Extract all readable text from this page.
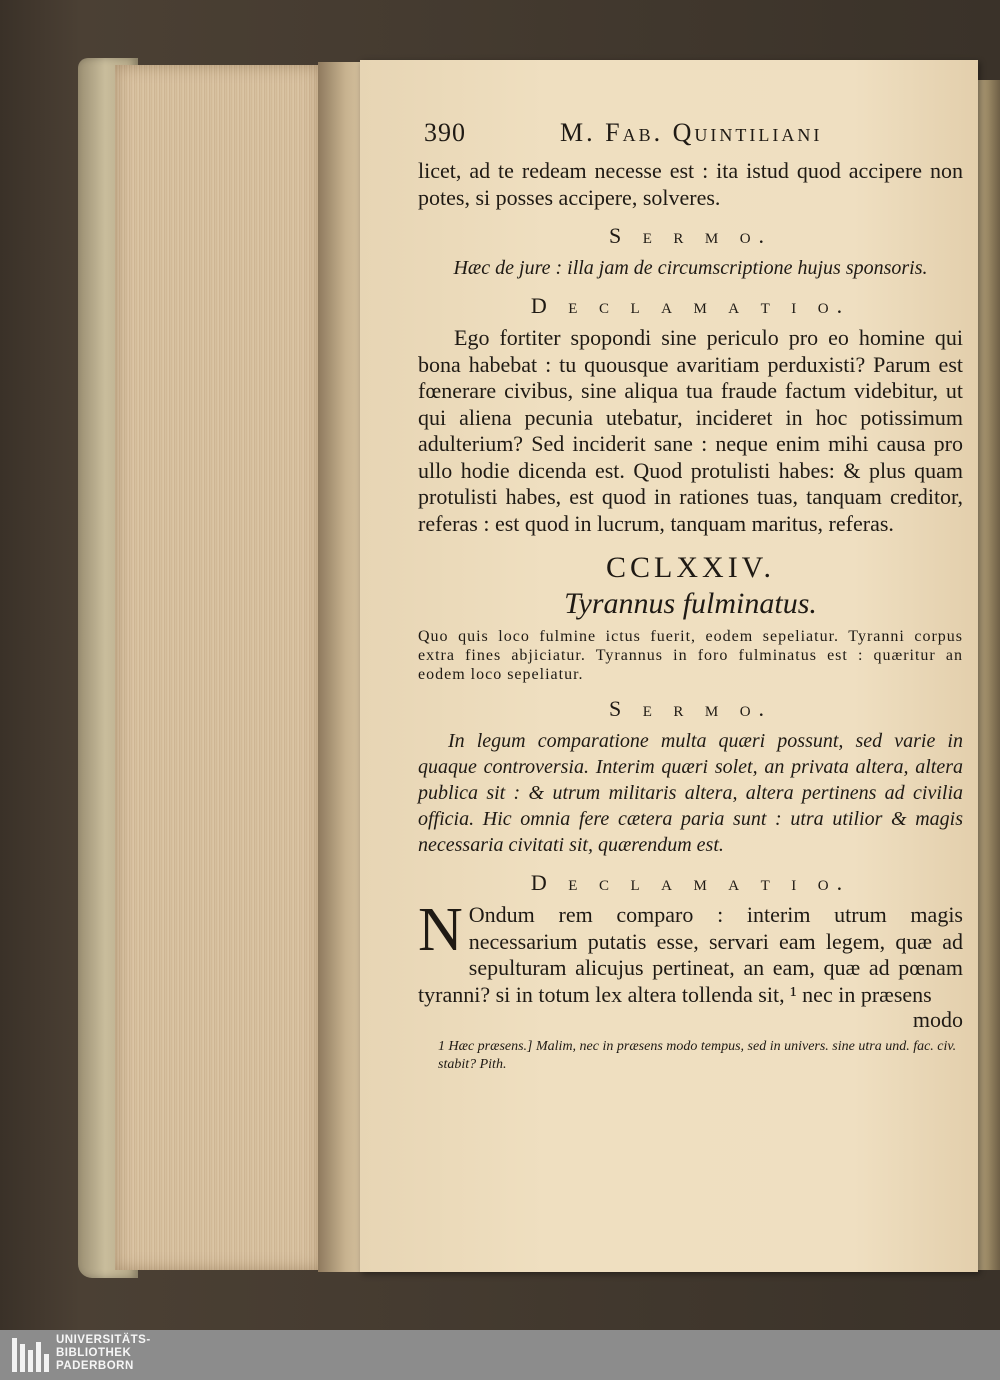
390	M. Fab. Quintiliani

licet, ad te redeam necesse est : ita istud quod accipere non potes, si posses accipere, solveres.

S e r m o.

Hæc de jure : illa jam de circumscriptione hujus sponsoris.

D e c l a m a t i o.

Ego fortiter spopondi sine periculo pro eo homine qui bona habebat : tu quousque avaritiam perduxisti? Parum est fœnerare civibus, sine aliqua tua fraude factum videbitur, ut qui aliena pecunia utebatur, incideret in hoc potissimum adulterium? Sed inciderit sane : neque enim mihi causa pro ullo hodie dicenda est. Quod protulisti habes: & plus quam protulisti habes, est quod in rationes tuas, tanquam creditor, referas : est quod in lucrum, tanquam maritus, referas.

CCLXXIV.
Tyrannus fulminatus.

Quo quis loco fulmine ictus fuerit, eodem sepeliatur. Tyranni corpus extra fines abjiciatur. Tyrannus in foro fulminatus est : quæritur an eodem loco sepeliatur.

S e r m o.

In legum comparatione multa quæri possunt, sed varie in quaque controversia. Interim quæri solet, an privata altera, altera publica sit : & utrum militaris altera, altera pertinens ad civilia officia. Hic omnia fere cætera paria sunt : utra utilior & magis necessaria civitati sit, quærendum est.

D e c l a m a t i o.
N Ondum rem comparo : interim utrum magis necessarium putatis esse, servari eam legem, quæ ad sepulturam alicujus pertineat, an eam, quæ ad pœnam tyranni? si in totum lex altera tollenda sit, ¹ nec in præsens

modo

1 Hæc præsens.] Malim, nec in præsens modo tempus, sed in univers. sine utra und. fac. civ. stabit? Pith.

UNIVERSITÄTS-
BIBLIOTHEK
PADERBORN
